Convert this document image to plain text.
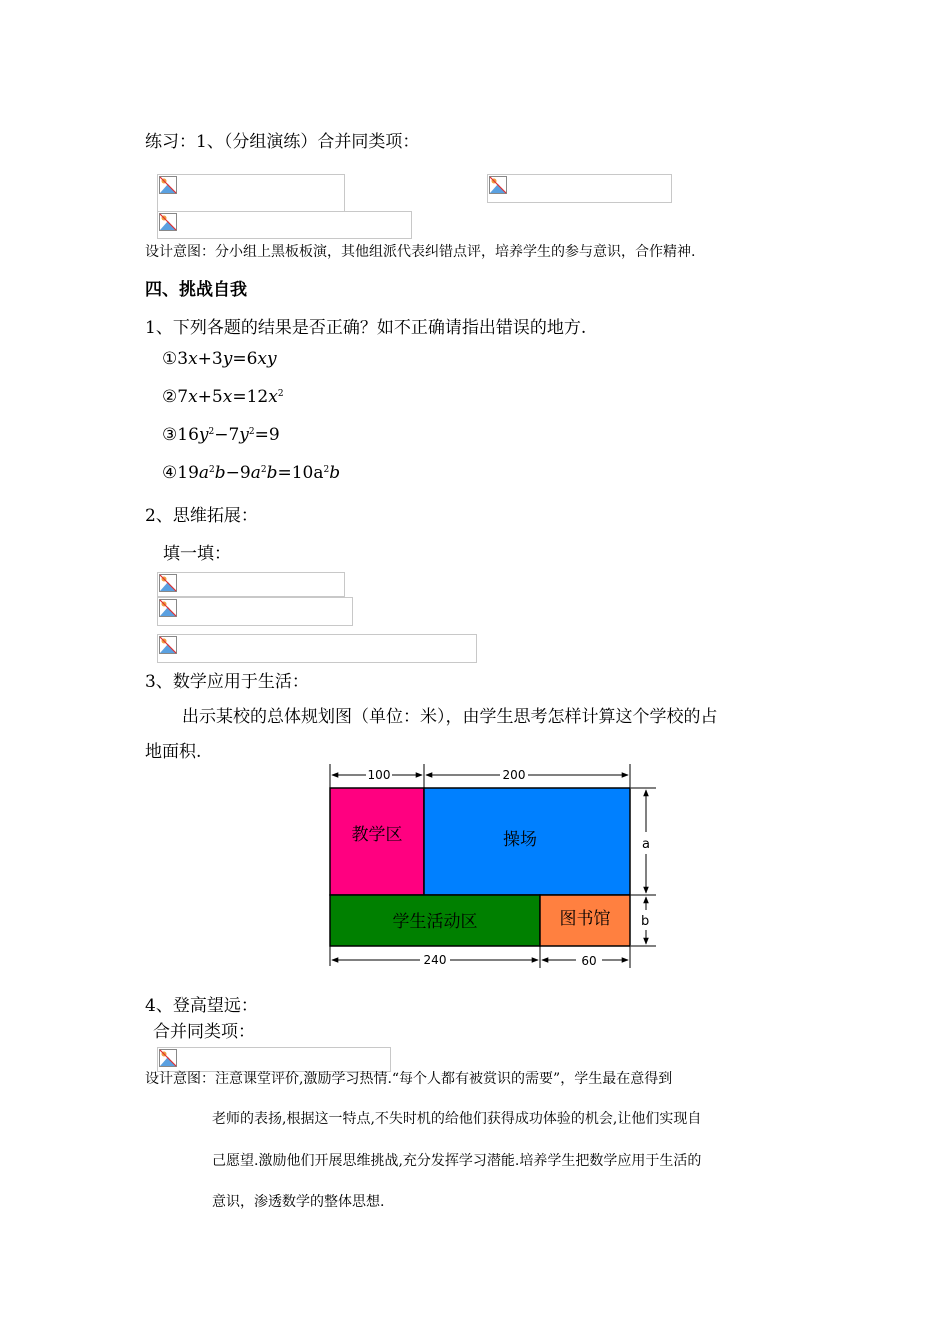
练习：1、（分组演练）合并同类项：
设计意图：分小组上黑板板演，其他组派代表纠错点评，培养学生的参与意识，合作精神.
四、挑战自我
1、下列各题的结果是否正确？如不正确请指出错误的地方.
①3x+3y=6xy
$②7x+5x=12x^2$
$③16y^2-7y^2=9$
$④19a^2b-9a^2b=10a^2b$
2、思维拓展：
填一填：
3、数学应用于生活：
出示某校的总体规划图（单位：米），由学生思考怎样计算这个学校的占
地面积.
教学区	操场
学生活动区	图书馆
100	200
240	60
a
b
4、登高望远：
合并同类项：
设计意图：注意课堂评价,激励学习热情.“每个人都有被赏识的需要”，学生最在意得到
老师的表扬,根据这一特点,不失时机的给他们获得成功体验的机会,让他们实现自
己愿望.激励他们开展思维挑战,充分发挥学习潜能.培养学生把数学应用于生活的
意识，渗透数学的整体思想.
